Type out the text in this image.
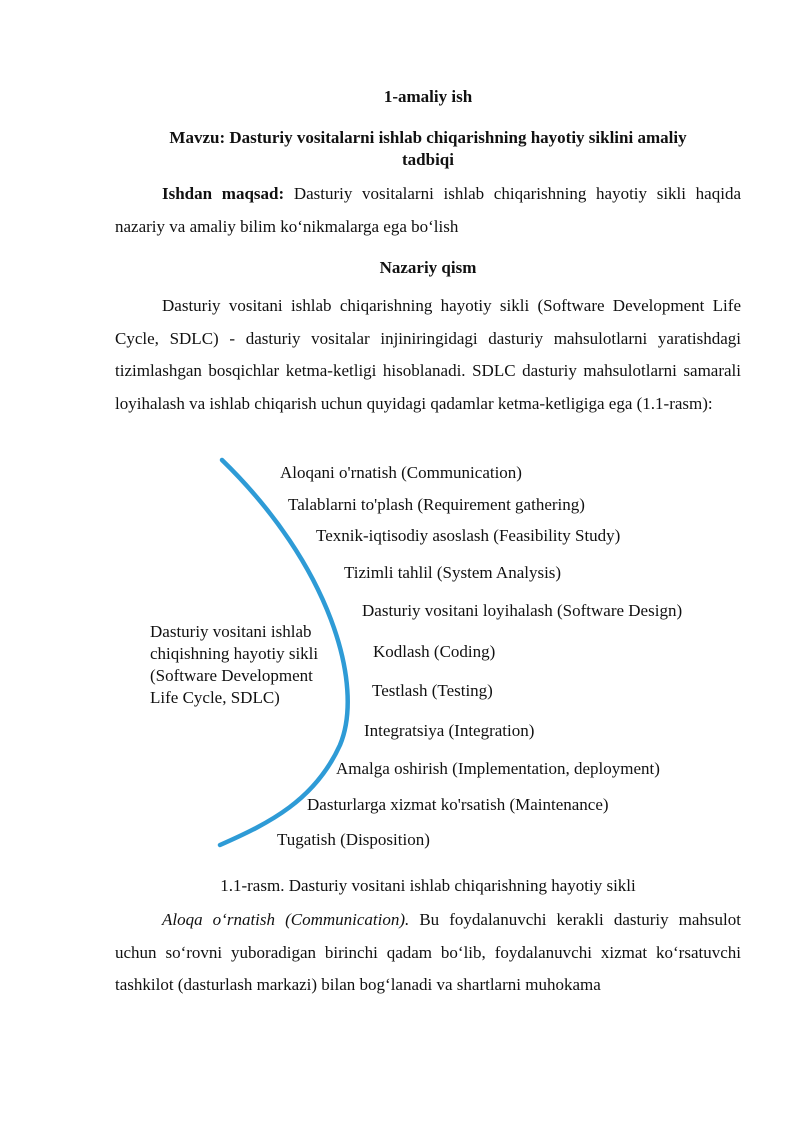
1-amaliy ish
Mavzu: Dasturiy vositalarni ishlab chiqarishning hayotiy siklini amaliy
tadbiqi
Ishdan maqsad: Dasturiy vositalarni ishlab chiqarishning hayotiy sikli haqida nazariy va amaliy bilim ko‘nikmalarga ega bo‘lish
Nazariy qism
Dasturiy vositani ishlab chiqarishning hayotiy sikli (Software Development Life Cycle, SDLC) - dasturiy vositalar injiniringidagi dasturiy mahsulotlarni yaratishdagi tizimlashgan bosqichlar ketma-ketligi hisoblanadi. SDLC dasturiy mahsulotlarni samarali loyihalash va ishlab chiqarish uchun quyidagi qadamlar ketma-ketligiga ega (1.1-rasm):
Dasturiy vositani ishlab
chiqishning hayotiy sikli
(Software Development
Life Cycle, SDLC)
Aloqani o'rnatish (Communication)
Talablarni to'plash (Requirement gathering)
Texnik-iqtisodiy asoslash (Feasibility Study)
Tizimli tahlil (System Analysis)
Dasturiy vositani loyihalash (Software Design)
Kodlash (Coding)
Testlash (Testing)
Integratsiya (Integration)
Amalga oshirish (Implementation, deployment)
Dasturlarga xizmat ko'rsatish (Maintenance)
Tugatish (Disposition)
1.1-rasm. Dasturiy vositani ishlab chiqarishning hayotiy sikli
Aloqa o‘rnatish (Communication). Bu foydalanuvchi kerakli dasturiy mahsulot uchun so‘rovni yuboradigan birinchi qadam bo‘lib, foydalanuvchi xizmat ko‘rsatuvchi tashkilot (dasturlash markazi) bilan bog‘lanadi va shartlarni muhokama
